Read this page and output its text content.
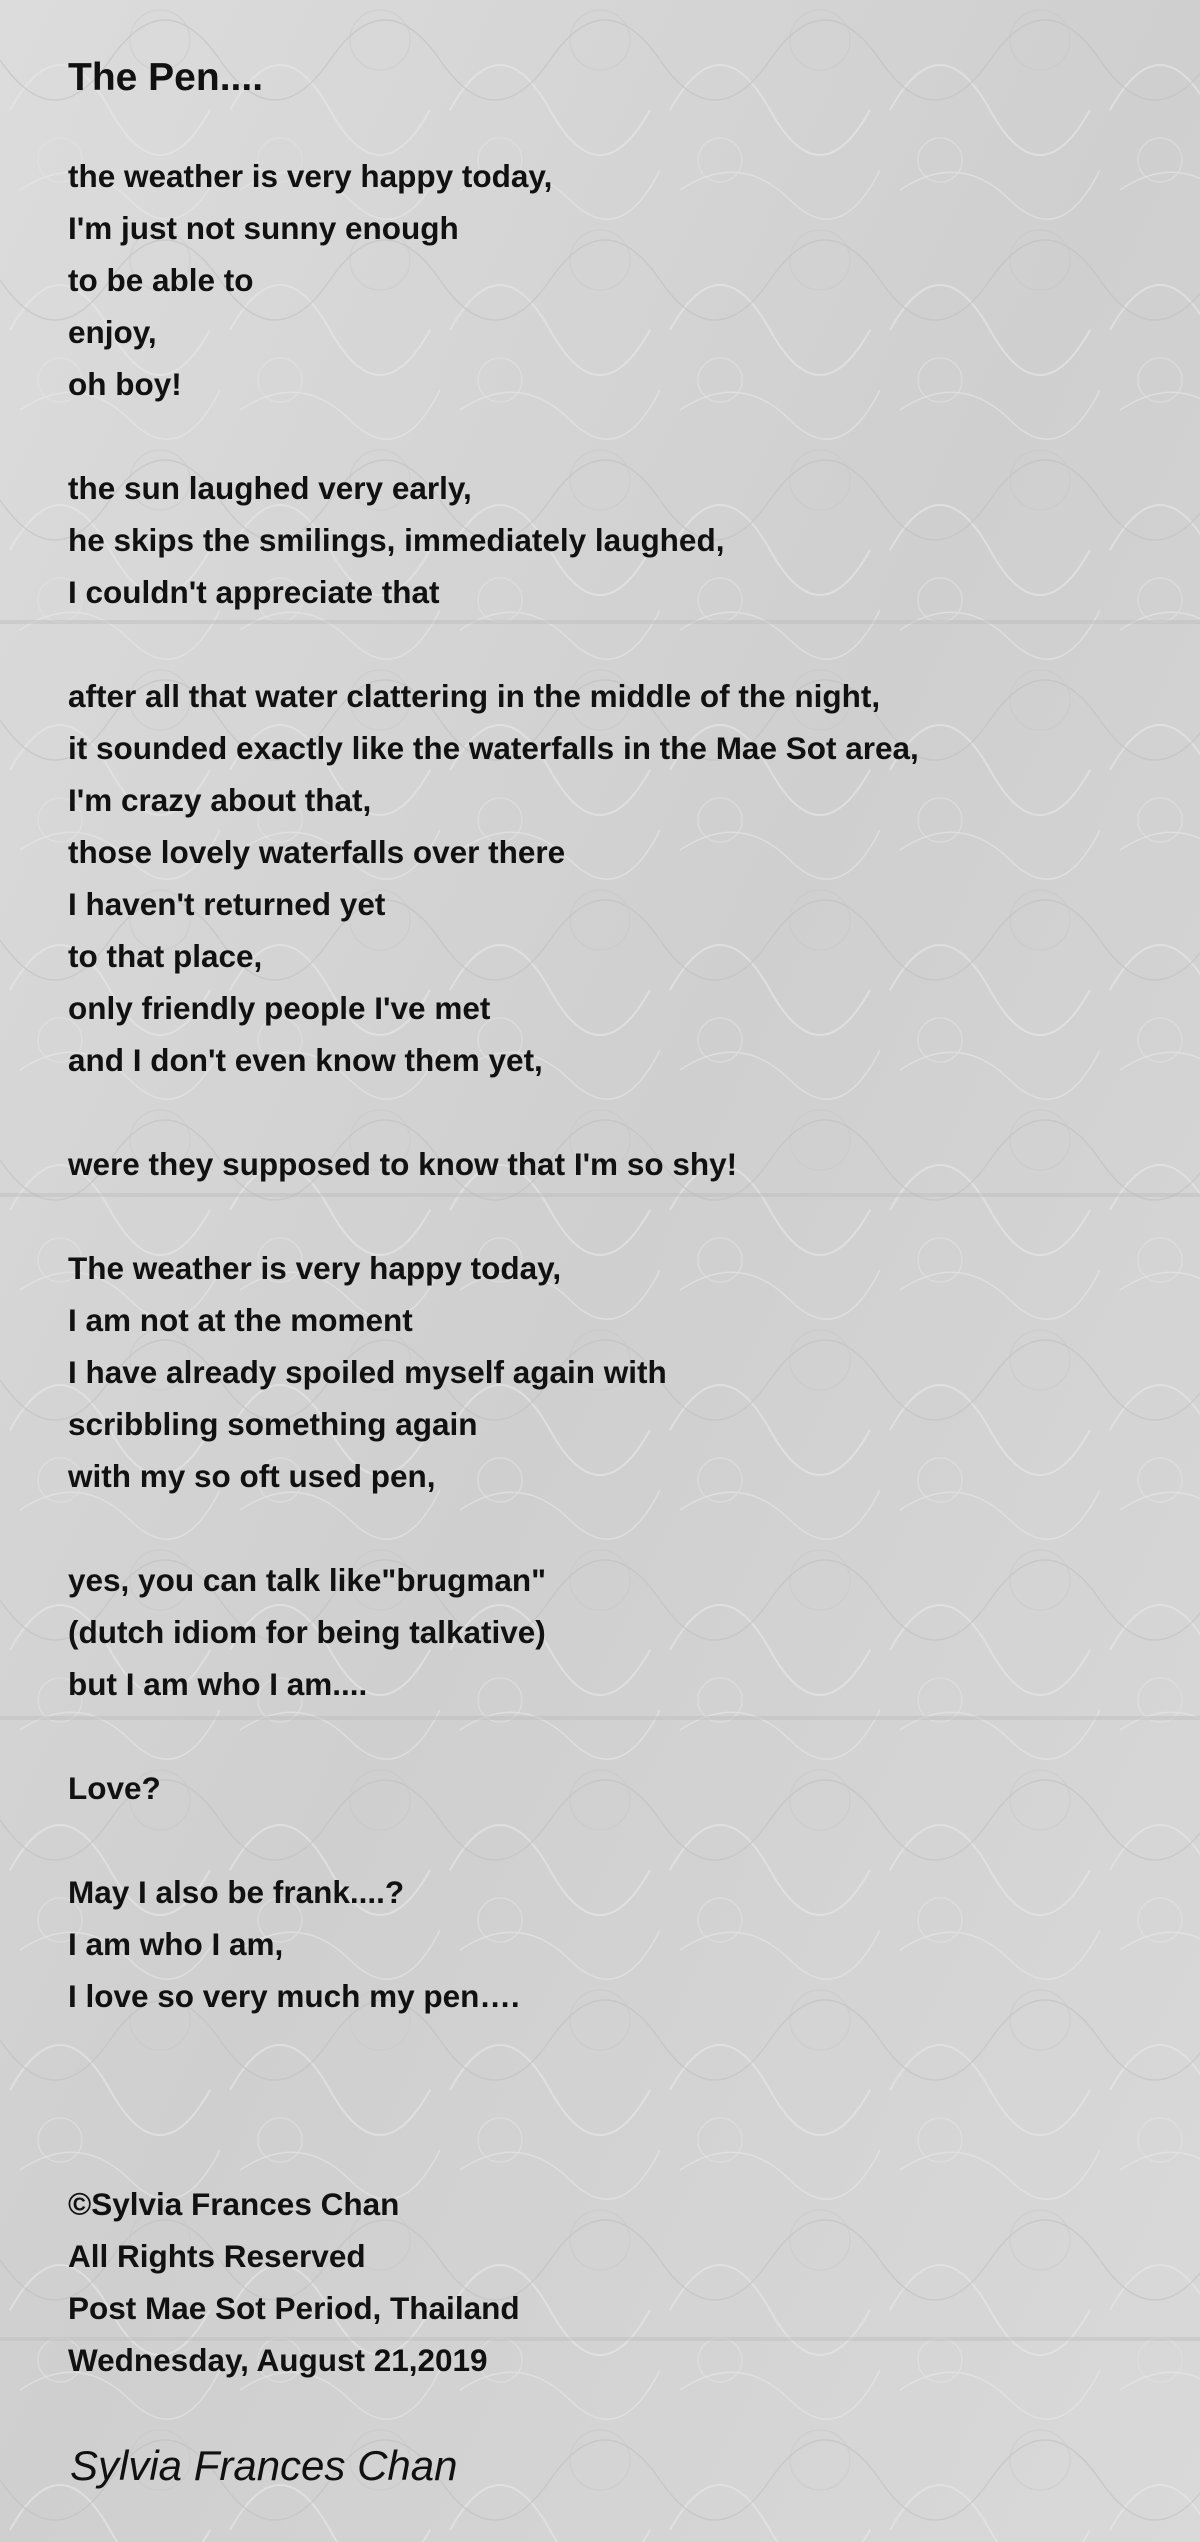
The Pen....
the weather is very happy today,
I'm just not sunny enough
to be able to
enjoy,
oh boy!
the sun laughed very early,
he skips the smilings, immediately laughed,
I couldn't appreciate that
after all that water clattering in the middle of the night,
it sounded exactly like the waterfalls in the Mae Sot area,
I'm crazy about that,
those lovely waterfalls over there
I haven't returned yet
to that place,
only friendly people I've met
and I don't even know them yet,
were they supposed to know that I'm so shy!
The weather is very happy today,
I am not at the moment
I have already spoiled myself again with
scribbling something again
with my so oft used pen,
yes, you can talk like"brugman"
(dutch idiom for being talkative)
but I am who I am....
Love?
May I also be frank....?
I am who I am,
I love so very much my pen….
©Sylvia Frances Chan
All Rights Reserved
Post Mae Sot Period, Thailand
Wednesday, August 21,2019
Sylvia Frances Chan
